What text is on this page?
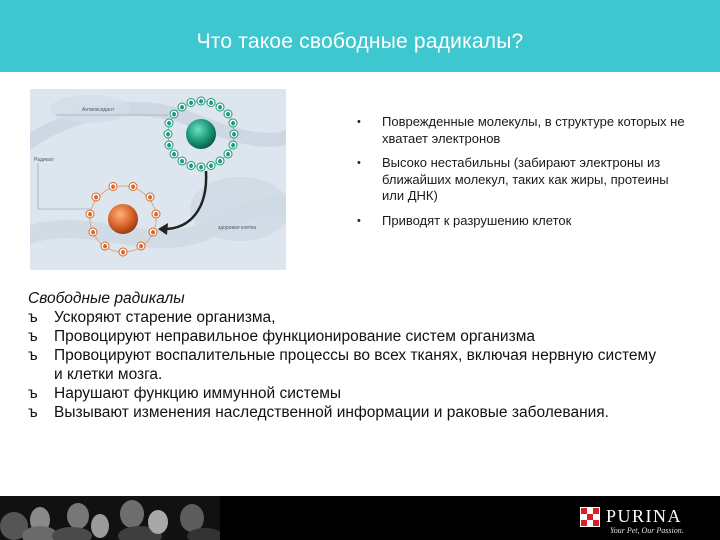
Что такое свободные радикалы?
e e
e
e
e
e
e
e
e
e
e
e
e
e
e
e
e
e
e
e
e	e
e
e
e
e
e
e
e
e
e
Антиоксидант
Радикал
здоровая клетка
• Поврежденные молекулы, в структуре которых не хватает электронов
• Высоко нестабильны (забирают электроны из ближайших молекул, таких как жиры, протеины или ДНК)
• Приводят к разрушению клеток
Свободные радикалы
ъ Ускоряют старение организма,
ъ Провоцируют неправильное функционирование систем организма
ъ Провоцируют воспалительные процессы во всех тканях, включая нервную систему и клетки мозга.
ъ Нарушают функцию иммунной системы
ъ Вызывают изменения наследственной информации и раковые заболевания.
PURINA
Your Pet, Our Passion.
